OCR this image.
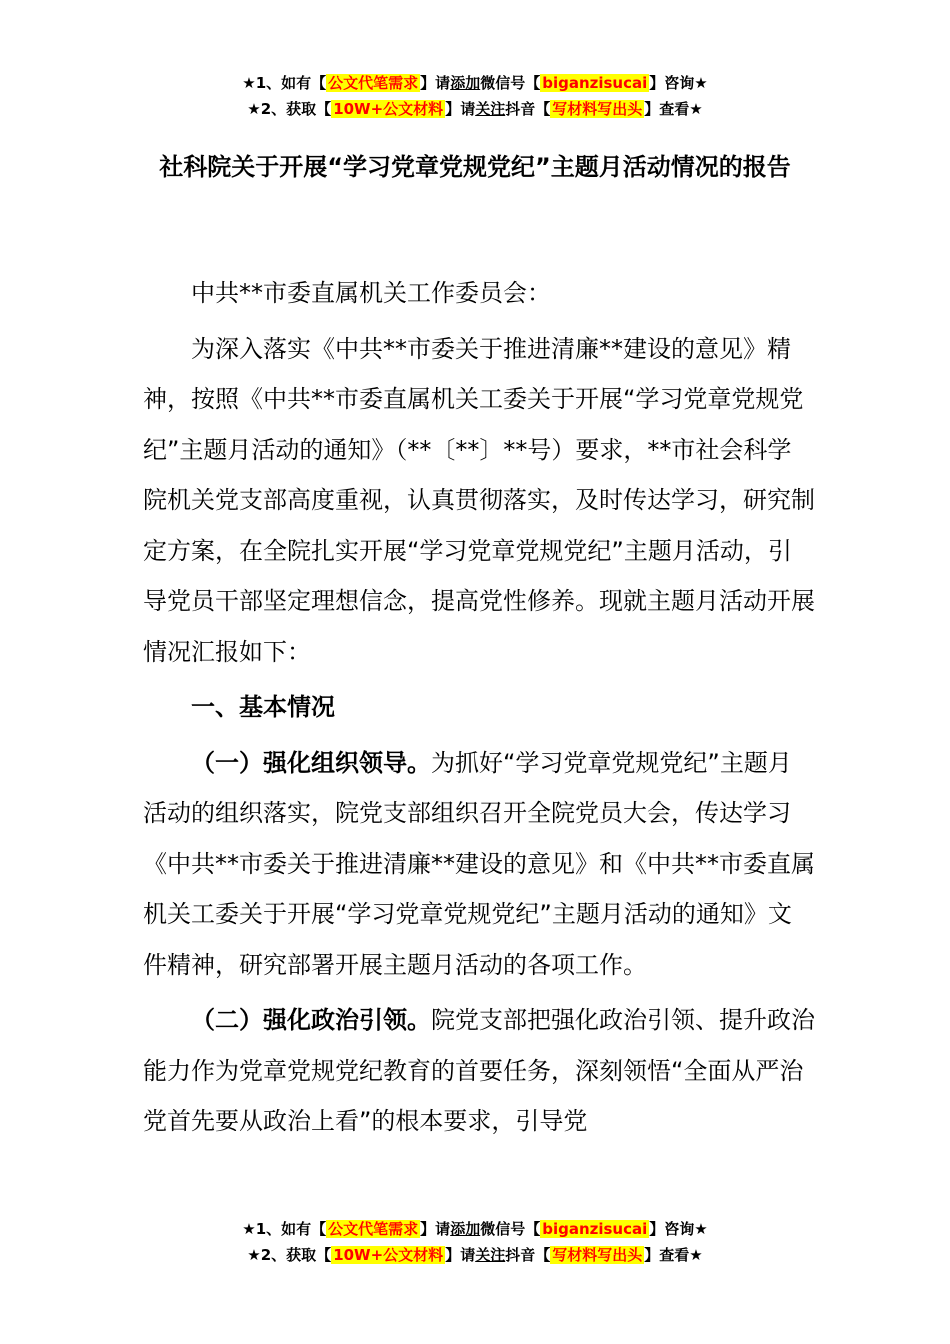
★1、如有【 公文代笔需求 】请添加微信号【 biganzisucai 】咨询★
★2、获取【 10W+公文材料 】请关注抖音【 写材料写出头 】查看★
社科院关于开展“学习党章党规党纪”主题月活动情况的报告

中共**市委直属机关工作委员会：

为深入落实《中共**市委关于推进清廉**建设的意见》精神，按照《中共**市委直属机关工委关于开展“学习党章党规党纪”主题月活动的通知》（**〔**〕**号）要求，**市社会科学院机关党支部高度重视，认真贯彻落实，及时传达学习，研究制定方案，在全院扎实开展“学习党章党规党纪”主题月活动，引导党员干部坚定理想信念，提高党性修养。现就主题月活动开展情况汇报如下：

一、基本情况

（一）强化组织领导。为抓好“学习党章党规党纪”主题月活动的组织落实，院党支部组织召开全院党员大会，传达学习《中共**市委关于推进清廉**建设的意见》和《中共**市委直属机关工委关于开展“学习党章党规党纪”主题月活动的通知》文件精神，研究部署开展主题月活动的各项工作。

（二）强化政治引领。院党支部把强化政治引领、提升政治能力作为党章党规党纪教育的首要任务，深刻领悟“全面从严治党首先要从政治上看”的根本要求，引导党

★1、如有【 公文代笔需求 】请添加微信号【 biganzisucai 】咨询★
★2、获取【 10W+公文材料 】请关注抖音【 写材料写出头 】查看★
